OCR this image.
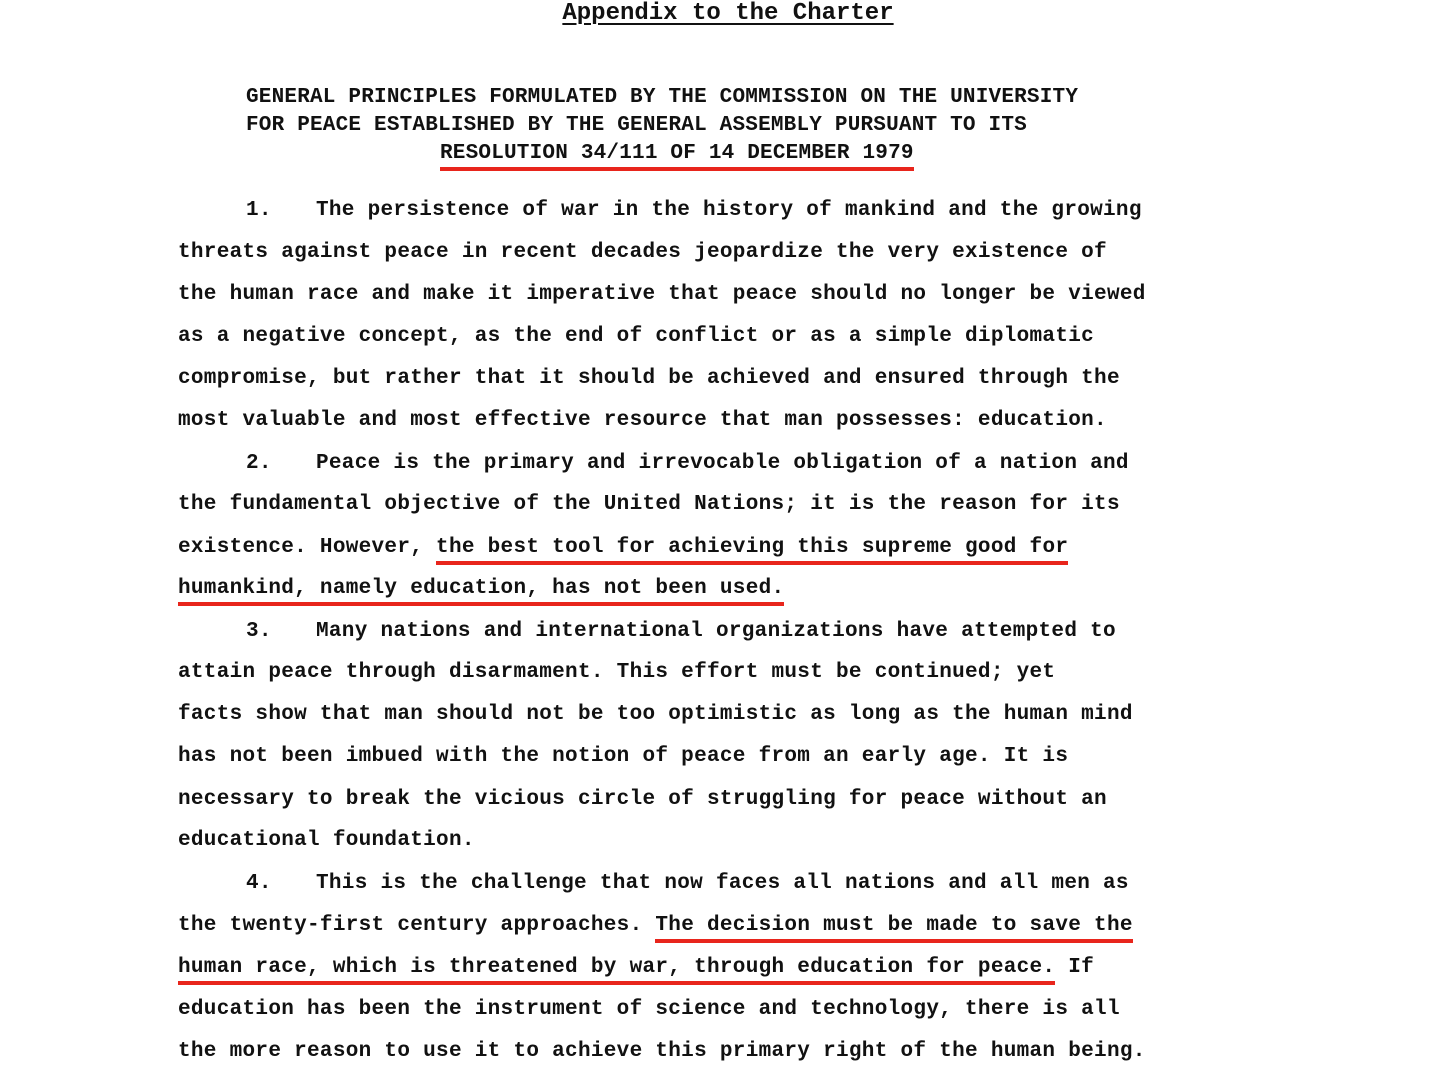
Appendix to the Charter
GENERAL PRINCIPLES FORMULATED BY THE COMMISSION ON THE UNIVERSITY
FOR PEACE ESTABLISHED BY THE GENERAL ASSEMBLY PURSUANT TO ITS
RESOLUTION 34/111 OF 14 DECEMBER 1979
1. The persistence of war in the history of mankind and the growing
threats against peace in recent decades jeopardize the very existence of
the human race and make it imperative that peace should no longer be viewed
as a negative concept, as the end of conflict or as a simple diplomatic
compromise, but rather that it should be achieved and ensured through the
most valuable and most effective resource that man possesses: education.
2. Peace is the primary and irrevocable obligation of a nation and
the fundamental objective of the United Nations; it is the reason for its
existence. However, the best tool for achieving this supreme good for
humankind, namely education, has not been used.
3. Many nations and international organizations have attempted to
attain peace through disarmament. This effort must be continued; yet
facts show that man should not be too optimistic as long as the human mind
has not been imbued with the notion of peace from an early age. It is
necessary to break the vicious circle of struggling for peace without an
educational foundation.
4. This is the challenge that now faces all nations and all men as
the twenty-first century approaches. The decision must be made to save the
human race, which is threatened by war, through education for peace. If
education has been the instrument of science and technology, there is all
the more reason to use it to achieve this primary right of the human being.
